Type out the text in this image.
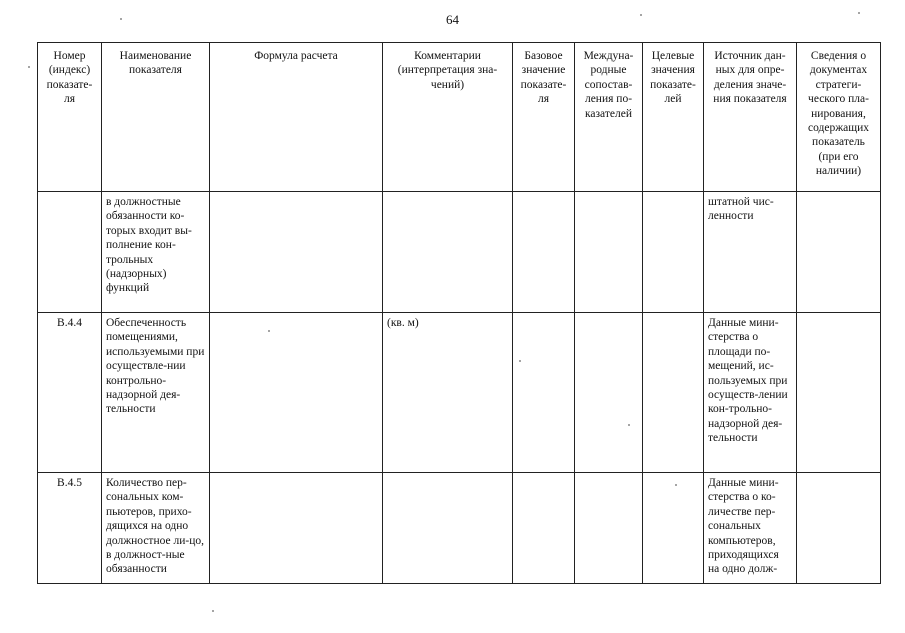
64
Номер (индекс) показате-ля	Наименование показателя	Формула расчета	Комментарии (интерпретация зна-чений)	Базовое значение показате-ля	Междуна-родные сопостав-ления по-казателей	Целевые значения показате-лей	Источник дан-ных для опре-деления значе-ния показателя	Сведения о документах стратеги-ческого пла-нирования, содержащих показатель (при его наличии)
	в должностные обязанности ко-торых входит вы-полнение кон-трольных (надзорных) функций						штатной чис-ленности	
В.4.4	Обеспеченность помещениями, используемыми при осуществле-нии контрольно-надзорной дея-тельности		(кв. м)				Данные мини-стерства о площади по-мещений, ис-пользуемых при осуществ-лении кон-трольно-надзорной дея-тельности	
В.4.5	Количество пер-сональных ком-пьютеров, прихо-дящихся на одно должностное ли-цо, в должност-ные обязанности						Данные мини-стерства о ко-личестве пер-сональных компьютеров, приходящихся на одно долж-	
